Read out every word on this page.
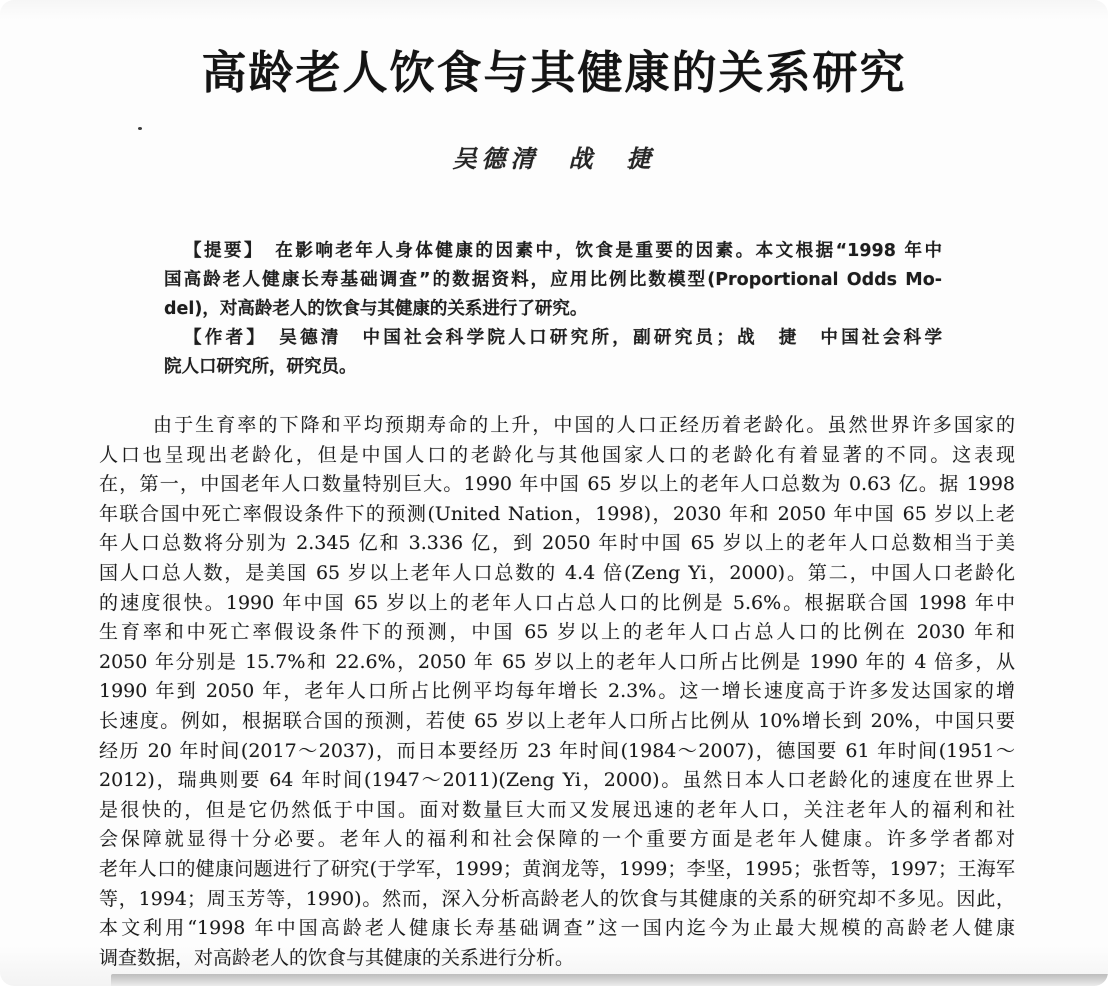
高龄老人饮食与其健康的关系研究
吴德清　战　捷
【提要】　在影响老年人身体健康的因素中，饮食是重要的因素。本文根据“1998 年中
国高龄老人健康长寿基础调查”的数据资料，应用比例比数模型(Proportional Odds Mo-
del)，对高龄老人的饮食与其健康的关系进行了研究。
【作者】　吴德清　中国社会科学院人口研究所，副研究员；战　捷　中国社会科学
院人口研究所，研究员。
由于生育率的下降和平均预期寿命的上升，中国的人口正经历着老龄化。虽然世界许多国家的
人口也呈现出老龄化，但是中国人口的老龄化与其他国家人口的老龄化有着显著的不同。这表现
在，第一，中国老年人口数量特别巨大。1990 年中国 65 岁以上的老年人口总数为 0.63 亿。据 1998
年联合国中死亡率假设条件下的预测(United Nation，1998)，2030 年和 2050 年中国 65 岁以上老
年人口总数将分别为 2.345 亿和 3.336 亿，到 2050 年时中国 65 岁以上的老年人口总数相当于美
国人口总人数，是美国 65 岁以上老年人口总数的 4.4 倍(Zeng Yi，2000)。第二，中国人口老龄化
的速度很快。1990 年中国 65 岁以上的老年人口占总人口的比例是 5.6%。根据联合国 1998 年中
生育率和中死亡率假设条件下的预测，中国 65 岁以上的老年人口占总人口的比例在 2030 年和
2050 年分别是 15.7%和 22.6%，2050 年 65 岁以上的老年人口所占比例是 1990 年的 4 倍多，从
1990 年到 2050 年，老年人口所占比例平均每年增长 2.3%。这一增长速度高于许多发达国家的增
长速度。例如，根据联合国的预测，若使 65 岁以上老年人口所占比例从 10%增长到 20%，中国只要
经历 20 年时间(2017～2037)，而日本要经历 23 年时间(1984～2007)，德国要 61 年时间(1951～
2012)，瑞典则要 64 年时间(1947～2011)(Zeng Yi，2000)。虽然日本人口老龄化的速度在世界上
是很快的，但是它仍然低于中国。面对数量巨大而又发展迅速的老年人口，关注老年人的福利和社
会保障就显得十分必要。老年人的福利和社会保障的一个重要方面是老年人健康。许多学者都对
老年人口的健康问题进行了研究(于学军，1999；黄润龙等，1999；李坚，1995；张哲等，1997；王海军
等，1994；周玉芳等，1990)。然而，深入分析高龄老人的饮食与其健康的关系的研究却不多见。因此，
本文利用“1998 年中国高龄老人健康长寿基础调查”这一国内迄今为止最大规模的高龄老人健康
调查数据，对高龄老人的饮食与其健康的关系进行分析。
